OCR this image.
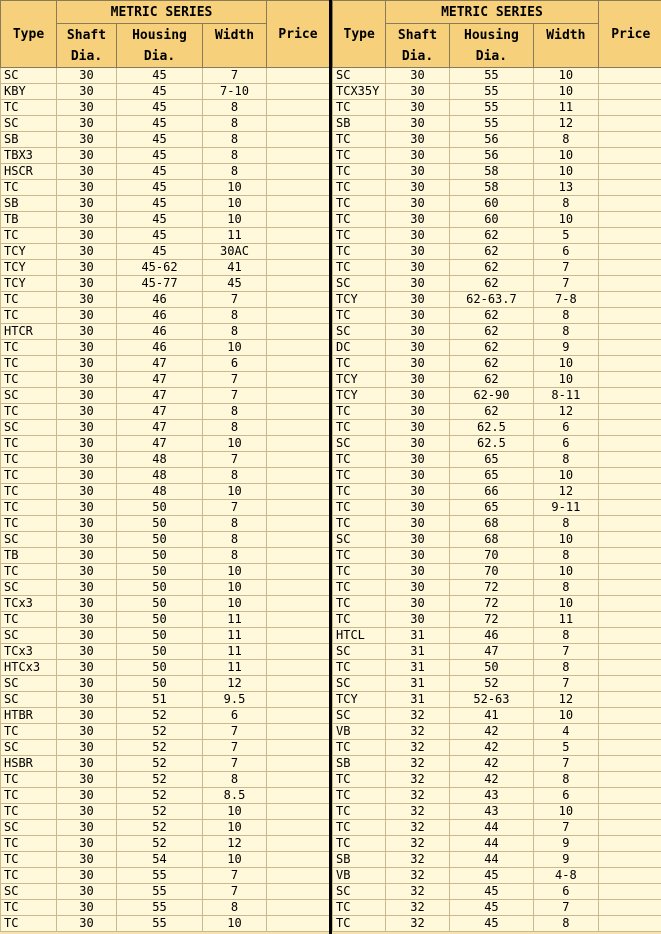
	METRIC SERIES			
Type	Shaft	Housing	Width	Price
	Dia.	Dia.		
SC	30	45	7	
KBY	30	45	7-10	
TC	30	45	8	
SC	30	45	8	
SB	30	45	8	
TBX3	30	45	8	
HSCR	30	45	8	
TC	30	45	10	
SB	30	45	10	
TB	30	45	10	
TC	30	45	11	
TCY	30	45	30AC	
TCY	30	45-62	41	
TCY	30	45-77	45	
TC	30	46	7	
TC	30	46	8	
HTCR	30	46	8	
TC	30	46	10	
TC	30	47	6	
TC	30	47	7	
SC	30	47	7	
TC	30	47	8	
SC	30	47	8	
TC	30	47	10	
TC	30	48	7	
TC	30	48	8	
TC	30	48	10	
TC	30	50	7	
TC	30	50	8	
SC	30	50	8	
TB	30	50	8	
TC	30	50	10	
SC	30	50	10	
TCx3	30	50	10	
TC	30	50	11	
SC	30	50	11	
TCx3	30	50	11	
HTCx3	30	50	11	
SC	30	50	12	
SC	30	51	9.5	
HTBR	30	52	6	
TC	30	52	7	
SC	30	52	7	
HSBR	30	52	7	
TC	30	52	8	
TC	30	52	8.5	
TC	30	52	10	
SC	30	52	10	
TC	30	52	12	
TC	30	54	10	
TC	30	55	7	
SC	30	55	7	
TC	30	55	8	
TC	30	55	10	
	METRIC SERIES			
Type	Shaft	Housing	Width	Price
	Dia.	Dia.		
SC	30	55	10	
TCX35Y	30	55	10	
TC	30	55	11	
SB	30	55	12	
TC	30	56	8	
TC	30	56	10	
TC	30	58	10	
TC	30	58	13	
TC	30	60	8	
TC	30	60	10	
TC	30	62	5	
TC	30	62	6	
TC	30	62	7	
SC	30	62	7	
TCY	30	62-63.7	7-8	
TC	30	62	8	
SC	30	62	8	
DC	30	62	9	
TC	30	62	10	
TCY	30	62	10	
TCY	30	62-90	8-11	
TC	30	62	12	
TC	30	62.5	6	
SC	30	62.5	6	
TC	30	65	8	
TC	30	65	10	
TC	30	66	12	
TC	30	65	9-11	
TC	30	68	8	
SC	30	68	10	
TC	30	70	8	
TC	30	70	10	
TC	30	72	8	
TC	30	72	10	
TC	30	72	11	
HTCL	31	46	8	
SC	31	47	7	
TC	31	50	8	
SC	31	52	7	
TCY	31	52-63	12	
SC	32	41	10	
VB	32	42	4	
TC	32	42	5	
SB	32	42	7	
TC	32	42	8	
TC	32	43	6	
TC	32	43	10	
TC	32	44	7	
TC	32	44	9	
SB	32	44	9	
VB	32	45	4-8	
SC	32	45	6	
TC	32	45	7	
TC	32	45	8	
